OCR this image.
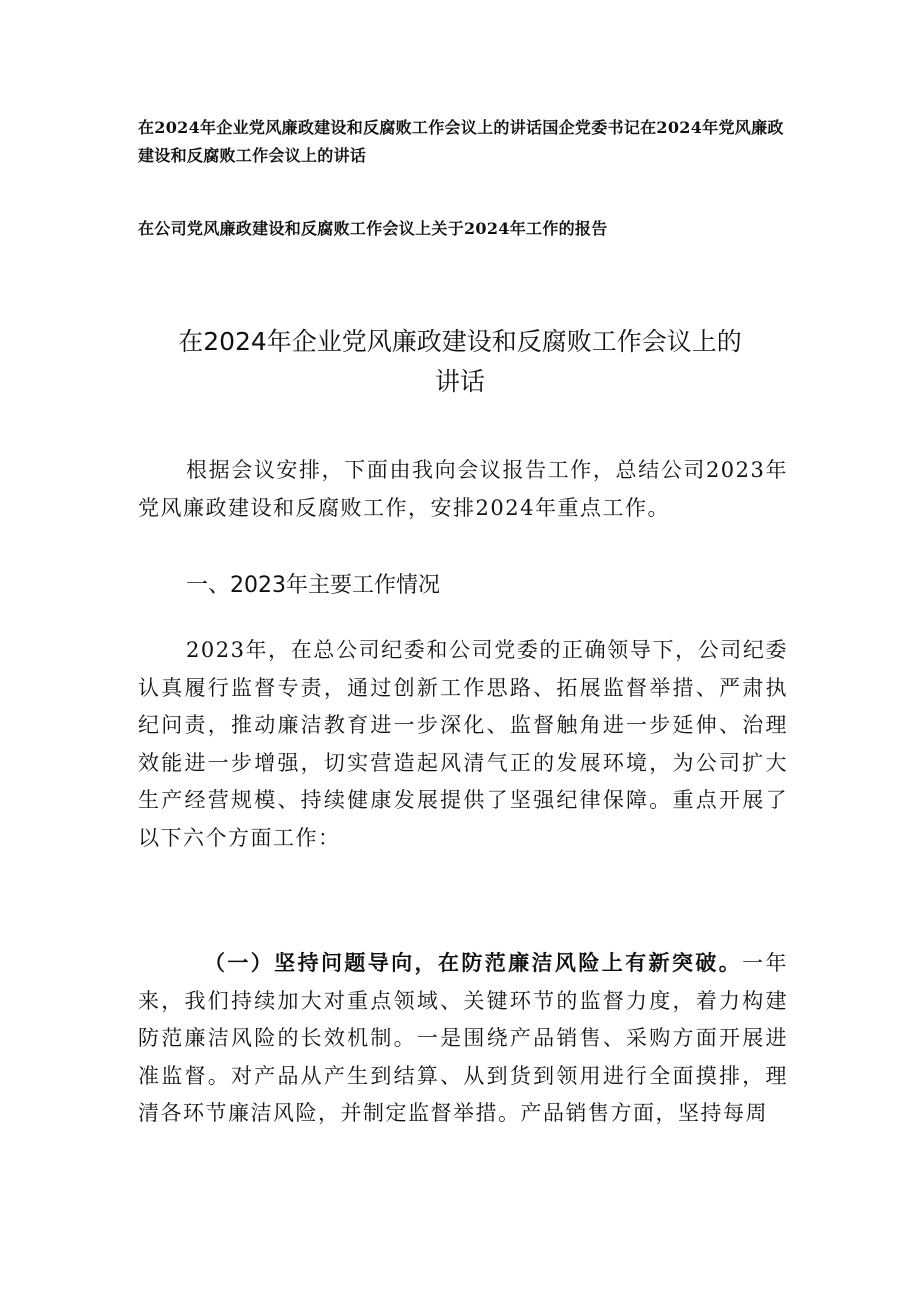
在2024年企业党风廉政建设和反腐败工作会议上的讲话国企党委书记在2024年党风廉政建设和反腐败工作会议上的讲话

在公司党风廉政建设和反腐败工作会议上关于2024年工作的报告

在2024年企业党风廉政建设和反腐败工作会议上的
讲话

根据会议安排，下面由我向会议报告工作，总结公司2023年党风廉政建设和反腐败工作，安排2024年重点工作。

一、2023年主要工作情况

2023年，在总公司纪委和公司党委的正确领导下，公司纪委认真履行监督专责，通过创新工作思路、拓展监督举措、严肃执纪问责，推动廉洁教育进一步深化、监督触角进一步延伸、治理效能进一步增强，切实营造起风清气正的发展环境，为公司扩大生产经营规模、持续健康发展提供了坚强纪律保障。重点开展了以下六个方面工作：

（一）坚持问题导向，在防范廉洁风险上有新突破。一年来，我们持续加大对重点领域、关键环节的监督力度，着力构建防范廉洁风险的长效机制。一是围绕产品销售、采购方面开展进准监督。对产品从产生到结算、从到货到领用进行全面摸排，理清各环节廉洁风险，并制定监督举措。产品销售方面，坚持每周
